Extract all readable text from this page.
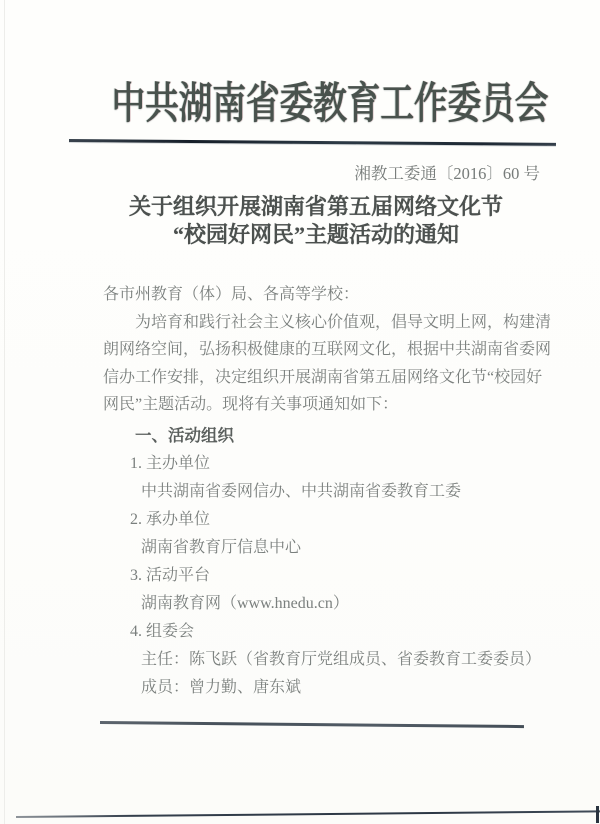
中共湖南省委教育工作委员会
湘教工委通〔2016〕60 号
关于组织开展湖南省第五届网络文化节
“校园好网民”主题活动的通知
各市州教育（体）局、各高等学校：
为培育和践行社会主义核心价值观，倡导文明上网，构建清
朗网络空间，弘扬积极健康的互联网文化，根据中共湖南省委网
信办工作安排，决定组织开展湖南省第五届网络文化节“校园好
网民”主题活动。现将有关事项通知如下：
一、活动组织
1. 主办单位
中共湖南省委网信办、中共湖南省委教育工委
2. 承办单位
湖南省教育厅信息中心
3. 活动平台
湖南教育网（www.hnedu.cn）
4. 组委会
主任：陈飞跃（省教育厅党组成员、省委教育工委委员）
成员：曾力勤、唐东斌
